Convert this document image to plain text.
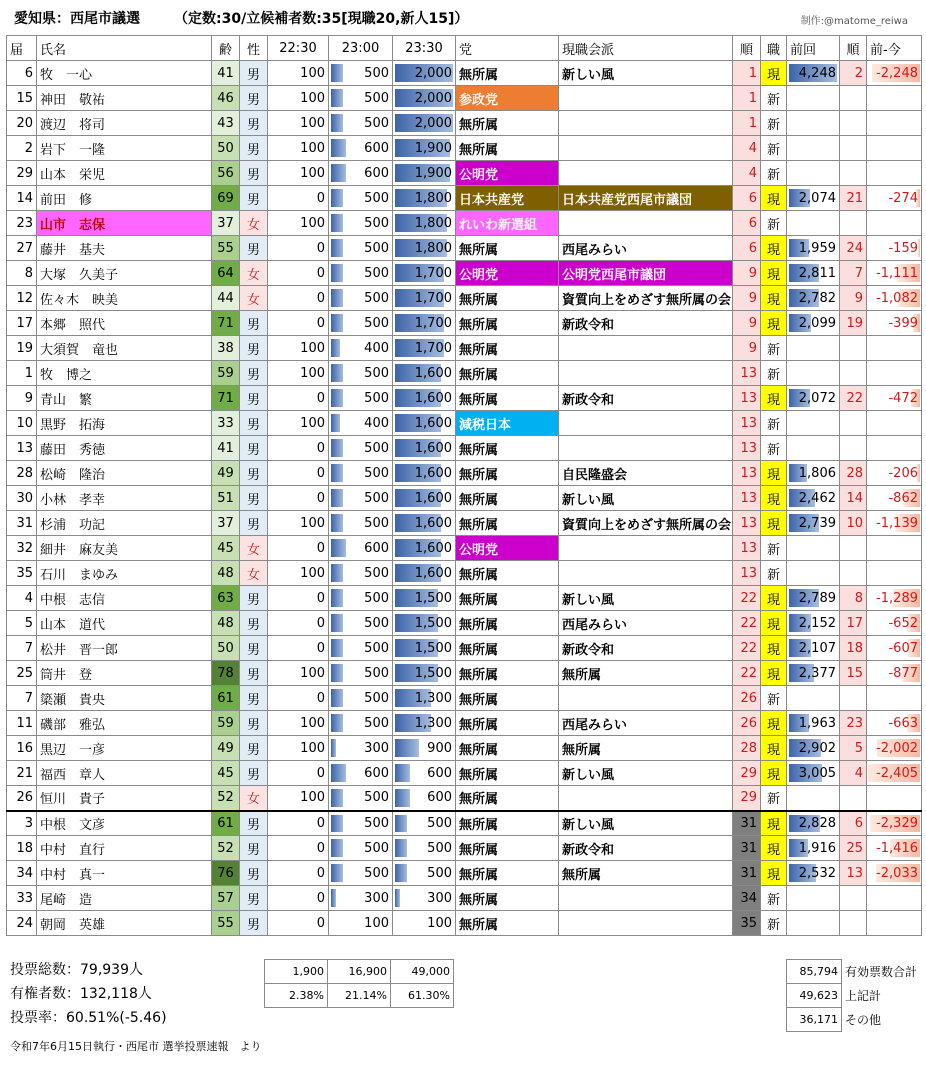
愛知県：西尾市議選 （定数:30/立候補者数:35[現職20,新人15]）	制作:@matome_reiwa
届	氏名	齢	性	22:30	23:00	23:30	党	現職会派	順	職	前回	順	前-今
6	牧　一心	41	男	100	500	2,000	無所属	新しい風	1	現	4,248	2	-2,248
15	神田　敬祐	46	男	100	500	2,000	参政党		1	新			
20	渡辺　将司	43	男	100	500	2,000	無所属		1	新			
2	岩下　一隆	50	男	100	600	1,900	無所属		4	新			
29	山本　栄児	56	男	100	600	1,900	公明党		4	新			
14	前田　修	69	男	0	500	1,800	日本共産党	日本共産党西尾市議団	6	現	2,074	21	-274
23	山市　志保	37	女	100	500	1,800	れいわ新選組		6	新			
27	藤井　基夫	55	男	0	500	1,800	無所属	西尾みらい	6	現	1,959	24	-159
8	大塚　久美子	64	女	0	500	1,700	公明党	公明党西尾市議団	9	現	2,811	7	-1,111
12	佐々木　映美	44	女	0	500	1,700	無所属	資質向上をめざす無所属の会	9	現	2,782	9	-1,082
17	本郷　照代	71	男	0	500	1,700	無所属	新政令和	9	現	2,099	19	-399
19	大須賀　竜也	38	男	100	400	1,700	無所属		9	新			
1	牧　博之	59	男	100	500	1,600	無所属		13	新			
9	青山　繁	71	男	0	500	1,600	無所属	新政令和	13	現	2,072	22	-472
10	黒野　拓海	33	男	100	400	1,600	減税日本		13	新			
13	藤田　秀徳	41	男	0	500	1,600	無所属		13	新			
28	松崎　隆治	49	男	0	500	1,600	無所属	自民隆盛会	13	現	1,806	28	-206
30	小林　孝幸	51	男	0	500	1,600	無所属	新しい風	13	現	2,462	14	-862
31	杉浦　功記	37	男	100	500	1,600	無所属	資質向上をめざす無所属の会	13	現	2,739	10	-1,139
32	細井　麻友美	45	女	0	600	1,600	公明党		13	新			
35	石川　まゆみ	48	女	100	500	1,600	無所属		13	新			
4	中根　志信	63	男	0	500	1,500	無所属	新しい風	22	現	2,789	8	-1,289
5	山本　道代	48	男	0	500	1,500	無所属	西尾みらい	22	現	2,152	17	-652
7	松井　晋一郎	50	男	0	500	1,500	無所属	新政令和	22	現	2,107	18	-607
25	筒井　登	78	男	100	500	1,500	無所属	無所属	22	現	2,377	15	-877
7	簗瀬　貴央	61	男	0	500	1,300	無所属		26	新			
11	磯部　雅弘	59	男	100	500	1,300	無所属	西尾みらい	26	現	1,963	23	-663
16	黒辺　一彦	49	男	100	300	900	無所属	無所属	28	現	2,902	5	-2,002
21	福西　章人	45	男	0	600	600	無所属	新しい風	29	現	3,005	4	-2,405
26	恒川　貴子	52	女	100	500	600	無所属		29	新			
3	中根　文彦	61	男	0	500	500	無所属	新しい風	31	現	2,828	6	-2,329
18	中村　直行	52	男	0	500	500	無所属	新政令和	31	現	1,916	25	-1,416
34	中村　真一	76	男	0	500	500	無所属	無所属	31	現	2,532	13	-2,033
33	尾崎　造	57	男	0	300	300	無所属		34	新			
24	朝岡　英雄	55	男	0	100	100	無所属		35	新			
投票総数：79,939人
有権者数：132,118人
投票率：60.51%(-5.46)
令和7年6月15日執行・西尾市 選挙投票速報　より
1,900	16,900	49,000
2.38%	21.14%	61.30%
85,794	有効票数合計
49,623	上記計
36,171	その他
